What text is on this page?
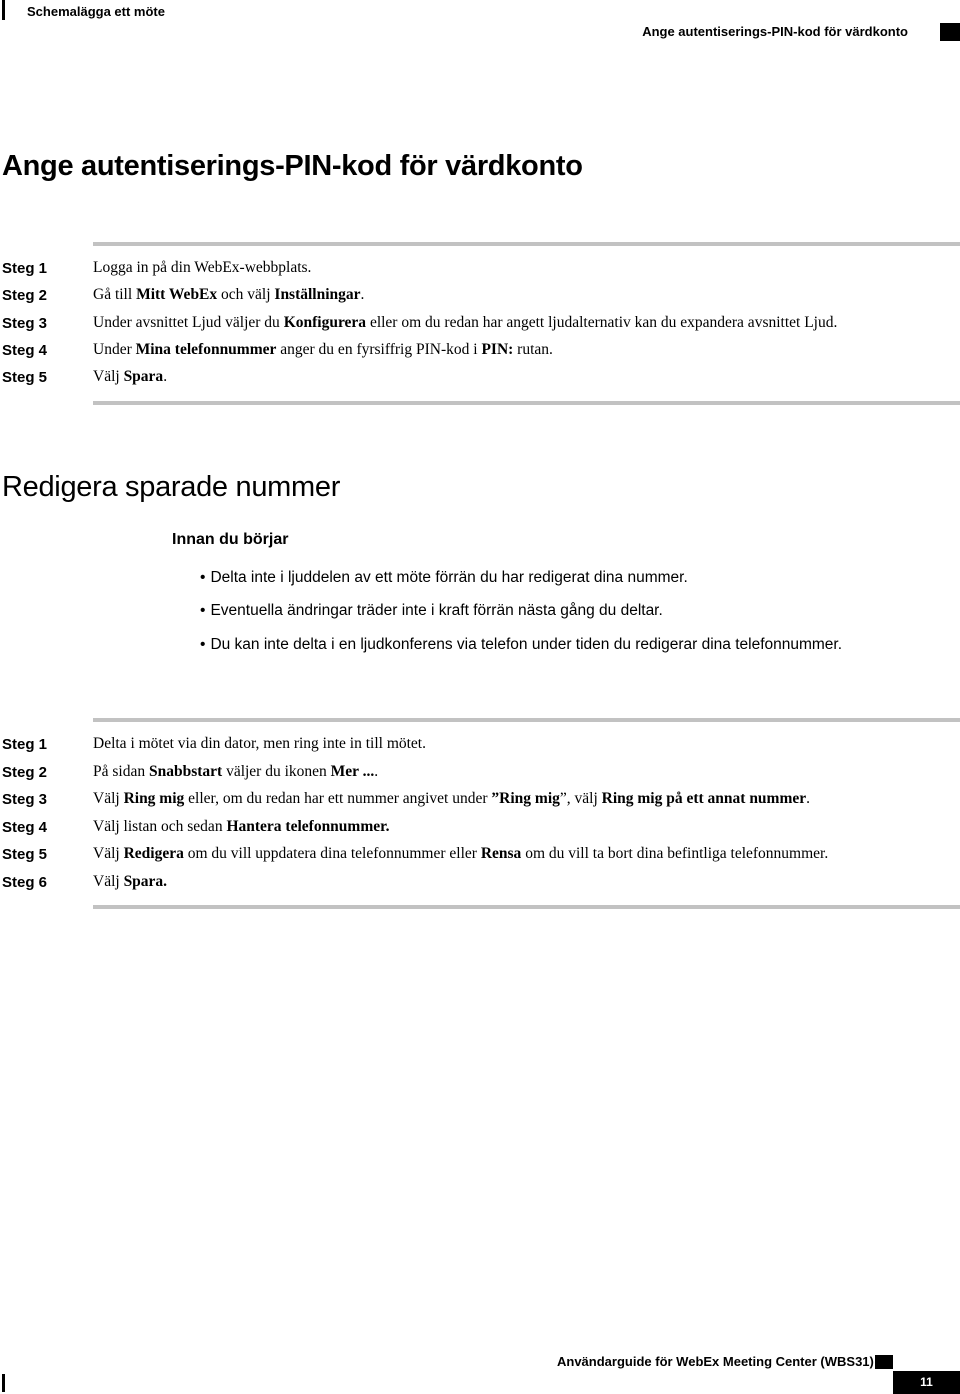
Schemalägga ett möte
Ange autentiserings-PIN-kod för värdkonto
Ange autentiserings-PIN-kod för värdkonto
Steg 1	Logga in på din WebEx-webbplats.
Steg 2	Gå till Mitt WebEx och välj Inställningar.
Steg 3	Under avsnittet Ljud väljer du Konfigurera eller om du redan har angett ljudalternativ kan du expandera avsnittet Ljud.
Steg 4	Under Mina telefonnummer anger du en fyrsiffrig PIN-kod i PIN: rutan.
Steg 5	Välj Spara.
Redigera sparade nummer
Innan du börjar
• Delta inte i ljuddelen av ett möte förrän du har redigerat dina nummer.
• Eventuella ändringar träder inte i kraft förrän nästa gång du deltar.
• Du kan inte delta i en ljudkonferens via telefon under tiden du redigerar dina telefonnummer.
Steg 1	Delta i mötet via din dator, men ring inte in till mötet.
Steg 2	På sidan Snabbstart väljer du ikonen Mer ....
Steg 3	Välj Ring mig eller, om du redan har ett nummer angivet under ”Ring mig”, välj Ring mig på ett annat nummer.
Steg 4	Välj listan och sedan Hantera telefonnummer.
Steg 5	Välj Redigera om du vill uppdatera dina telefonnummer eller Rensa om du vill ta bort dina befintliga telefonnummer.
Steg 6	Välj Spara.
Användarguide för WebEx Meeting Center (WBS31)
11
